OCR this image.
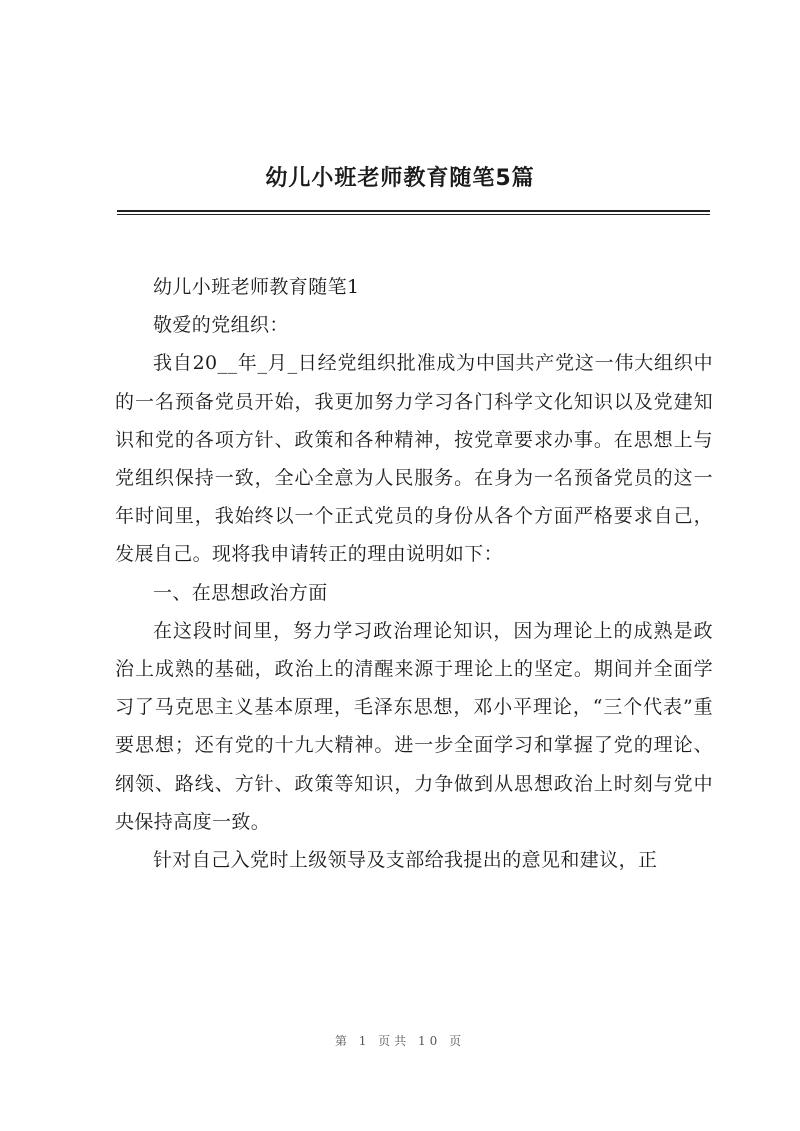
幼儿小班老师教育随笔5篇

幼儿小班老师教育随笔1

敬爱的党组织：

我自20__年_月_日经党组织批准成为中国共产党这一伟大组织中的一名预备党员开始，我更加努力学习各门科学文化知识以及党建知识和党的各项方针、政策和各种精神，按党章要求办事。在思想上与党组织保持一致，全心全意为人民服务。在身为一名预备党员的这一年时间里，我始终以一个正式党员的身份从各个方面严格要求自己，发展自己。现将我申请转正的理由说明如下：

一、在思想政治方面

在这段时间里，努力学习政治理论知识，因为理论上的成熟是政治上成熟的基础，政治上的清醒来源于理论上的坚定。期间并全面学习了马克思主义基本原理，毛泽东思想，邓小平理论，“三个代表”重要思想；还有党的十九大精神。进一步全面学习和掌握了党的理论、纲领、路线、方针、政策等知识，力争做到从思想政治上时刻与党中央保持高度一致。

针对自己入党时上级领导及支部给我提出的意见和建议，正

第 1 页共 10 页
